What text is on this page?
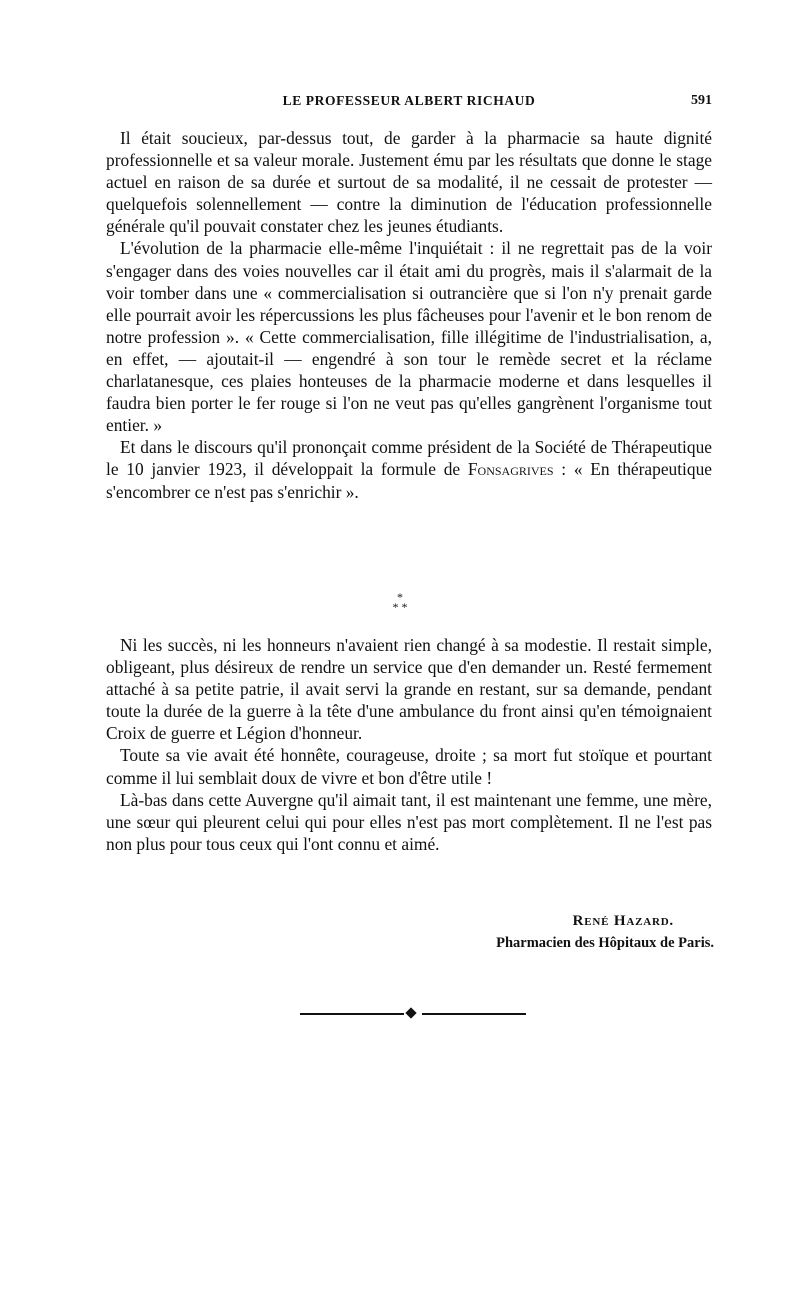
LE PROFESSEUR ALBERT RICHAUD	591

Il était soucieux, par-dessus tout, de garder à la pharmacie sa haute dignité professionnelle et sa valeur morale. Justement ému par les résultats que donne le stage actuel en raison de sa durée et surtout de sa modalité, il ne cessait de protester — quelquefois solennellement — contre la diminution de l'éducation professionnelle générale qu'il pouvait constater chez les jeunes étudiants.

L'évolution de la pharmacie elle-même l'inquiétait : il ne regrettait pas de la voir s'engager dans des voies nouvelles car il était ami du progrès, mais il s'alarmait de la voir tomber dans une « commercialisation si outrancière que si l'on n'y prenait garde elle pourrait avoir les répercussions les plus fâcheuses pour l'avenir et le bon renom de notre profession ». « Cette commercialisation, fille illégitime de l'industrialisation, a, en effet, — ajoutait-il — engendré à son tour le remède secret et la réclame charlatanesque, ces plaies honteuses de la pharmacie moderne et dans lesquelles il faudra bien porter le fer rouge si l'on ne veut pas qu'elles gangrènent l'organisme tout entier. »

Et dans le discours qu'il prononçait comme président de la Société de Thérapeutique le 10 janvier 1923, il développait la formule de Fonsagrives : « En thérapeutique s'encombrer ce n'est pas s'enrichir ».

*
* *

Ni les succès, ni les honneurs n'avaient rien changé à sa modestie. Il restait simple, obligeant, plus désireux de rendre un service que d'en demander un. Resté fermement attaché à sa petite patrie, il avait servi la grande en restant, sur sa demande, pendant toute la durée de la guerre à la tête d'une ambulance du front ainsi qu'en témoignaient Croix de guerre et Légion d'honneur.

Toute sa vie avait été honnête, courageuse, droite ; sa mort fut stoïque et pourtant comme il lui semblait doux de vivre et bon d'être utile !

Là-bas dans cette Auvergne qu'il aimait tant, il est maintenant une femme, une mère, une sœur qui pleurent celui qui pour elles n'est pas mort complètement. Il ne l'est pas non plus pour tous ceux qui l'ont connu et aimé.

René Hazard.
Pharmacien des Hôpitaux de Paris.
